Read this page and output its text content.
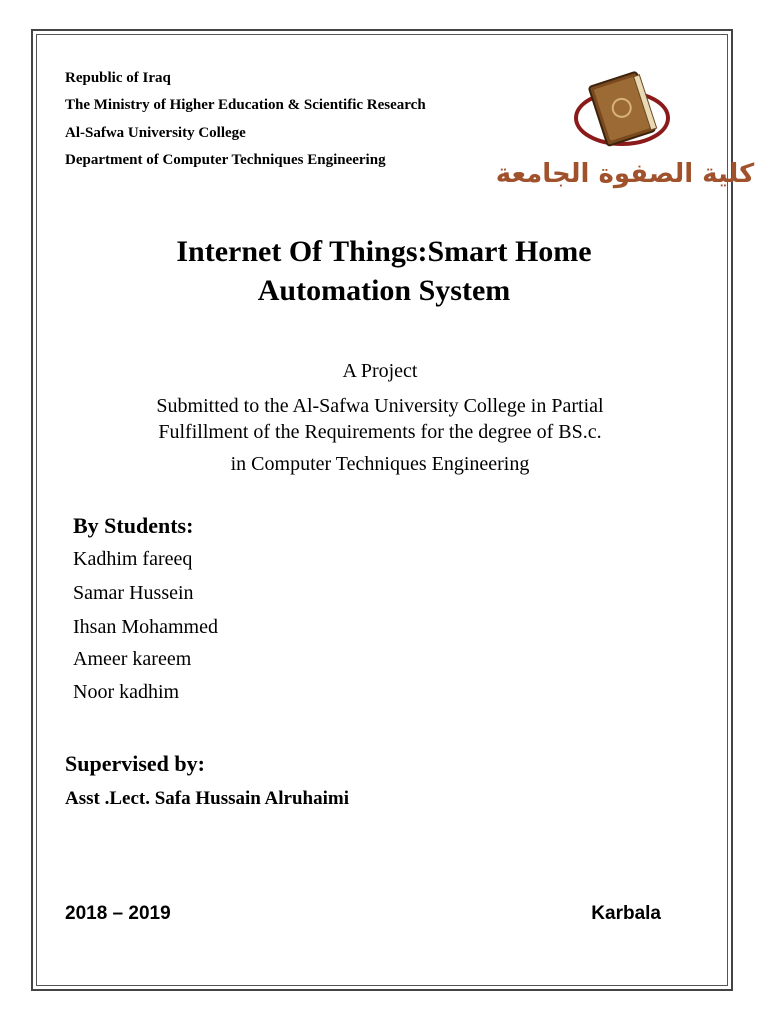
Republic of Iraq
The Ministry of Higher Education & Scientific Research
Al-Safwa University College
Department of Computer Techniques Engineering	كلية الصفوة الجامعة
Internet Of Things:Smart Home
Automation System
A Project
Submitted to the Al-Safwa University College in Partial
Fulfillment of the Requirements for the degree of BS.c.
in Computer Techniques Engineering
By Students:
Kadhim fareeq
Samar Hussein
Ihsan Mohammed
Ameer kareem
Noor kadhim
Supervised by:
Asst .Lect. Safa Hussain Alruhaimi
2018 – 2019	Karbala
